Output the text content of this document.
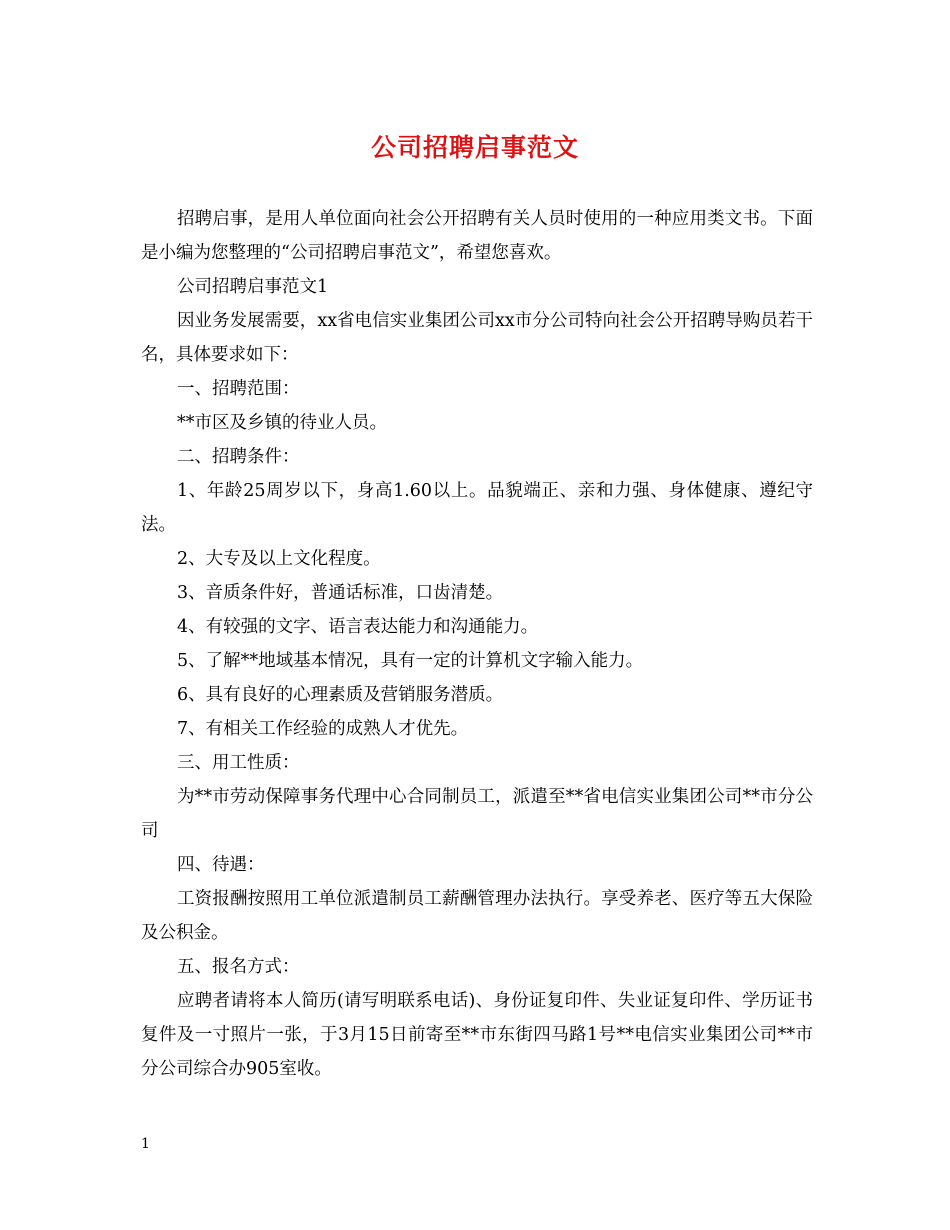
公司招聘启事范文

招聘启事，是用人单位面向社会公开招聘有关人员时使用的一种应用类文书。下面是小编为您整理的“公司招聘启事范文”，希望您喜欢。

公司招聘启事范文1

因业务发展需要，xx省电信实业集团公司xx市分公司特向社会公开招聘导购员若干名，具体要求如下：

一、招聘范围：

**市区及乡镇的待业人员。

二、招聘条件：

1、年龄25周岁以下，身高1.60以上。品貌端正、亲和力强、身体健康、遵纪守法。

2、大专及以上文化程度。

3、音质条件好，普通话标准，口齿清楚。

4、有较强的文字、语言表达能力和沟通能力。

5、了解**地域基本情况，具有一定的计算机文字输入能力。

6、具有良好的心理素质及营销服务潜质。

7、有相关工作经验的成熟人才优先。

三、用工性质：

为**市劳动保障事务代理中心合同制员工，派遣至**省电信实业集团公司**市分公司

四、待遇：

工资报酬按照用工单位派遣制员工薪酬管理办法执行。享受养老、医疗等五大保险及公积金。

五、报名方式：

应聘者请将本人简历(请写明联系电话)、身份证复印件、失业证复印件、学历证书复件及一寸照片一张，于3月15日前寄至**市东街四马路1号**电信实业集团公司**市分公司综合办905室收。

1
